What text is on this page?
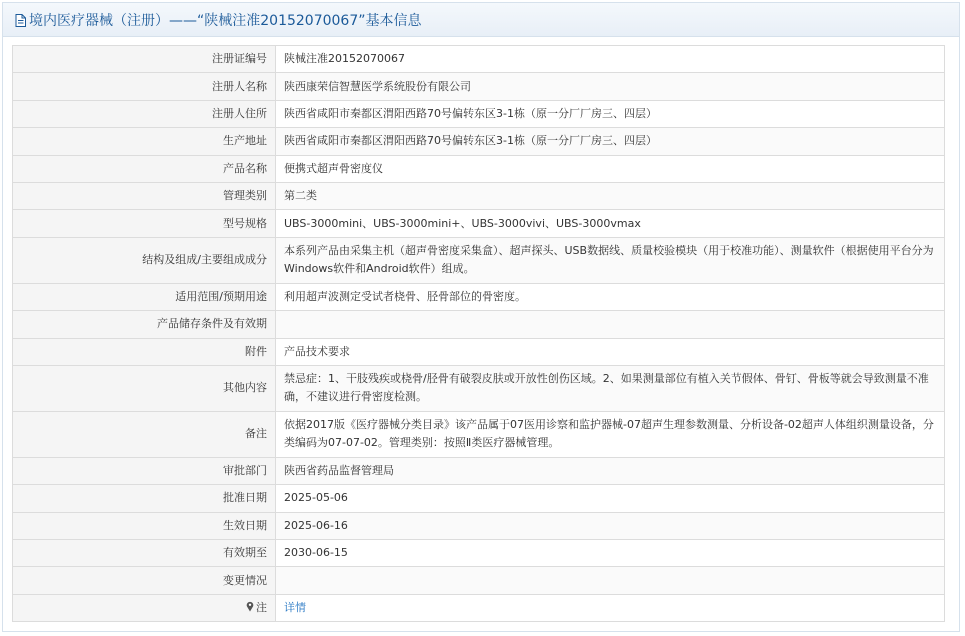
境内医疗器械（注册）——“陕械注准20152070067”基本信息
注册证编号	陕械注准20152070067
注册人名称	陕西康荣信智慧医学系统股份有限公司
注册人住所	陕西省咸阳市秦都区渭阳西路70号偏转东区3-1栋（原一分厂厂房三、四层）
生产地址	陕西省咸阳市秦都区渭阳西路70号偏转东区3-1栋（原一分厂厂房三、四层）
产品名称	便携式超声骨密度仪
管理类别	第二类
型号规格	UBS-3000mini、UBS-3000mini+、UBS-3000vivi、UBS-3000vmax
结构及组成/主要组成成分	本系列产品由采集主机（超声骨密度采集盒）、超声探头、USB数据线、质量校验模块（用于校准功能）、测量软件（根据使用平台分为Windows软件和Android软件）组成。
适用范围/预期用途	利用超声波测定受试者桡骨、胫骨部位的骨密度。
产品储存条件及有效期	
附件	产品技术要求
其他内容	禁忌症：1、干肢残疾或桡骨/胫骨有破裂皮肤或开放性创伤区域。2、如果测量部位有植入关节假体、骨钉、骨板等就会导致测量不准确，不建议进行骨密度检测。
备注	依据2017版《医疗器械分类目录》该产品属于07医用诊察和监护器械-07超声生理参数测量、分析设备-02超声人体组织测量设备，分类编码为07-07-02。管理类别：按照Ⅱ类医疗器械管理。
审批部门	陕西省药品监督管理局
批准日期	2025-05-06
生效日期	2025-06-16
有效期至	2030-06-15
变更情况	

注	详情
